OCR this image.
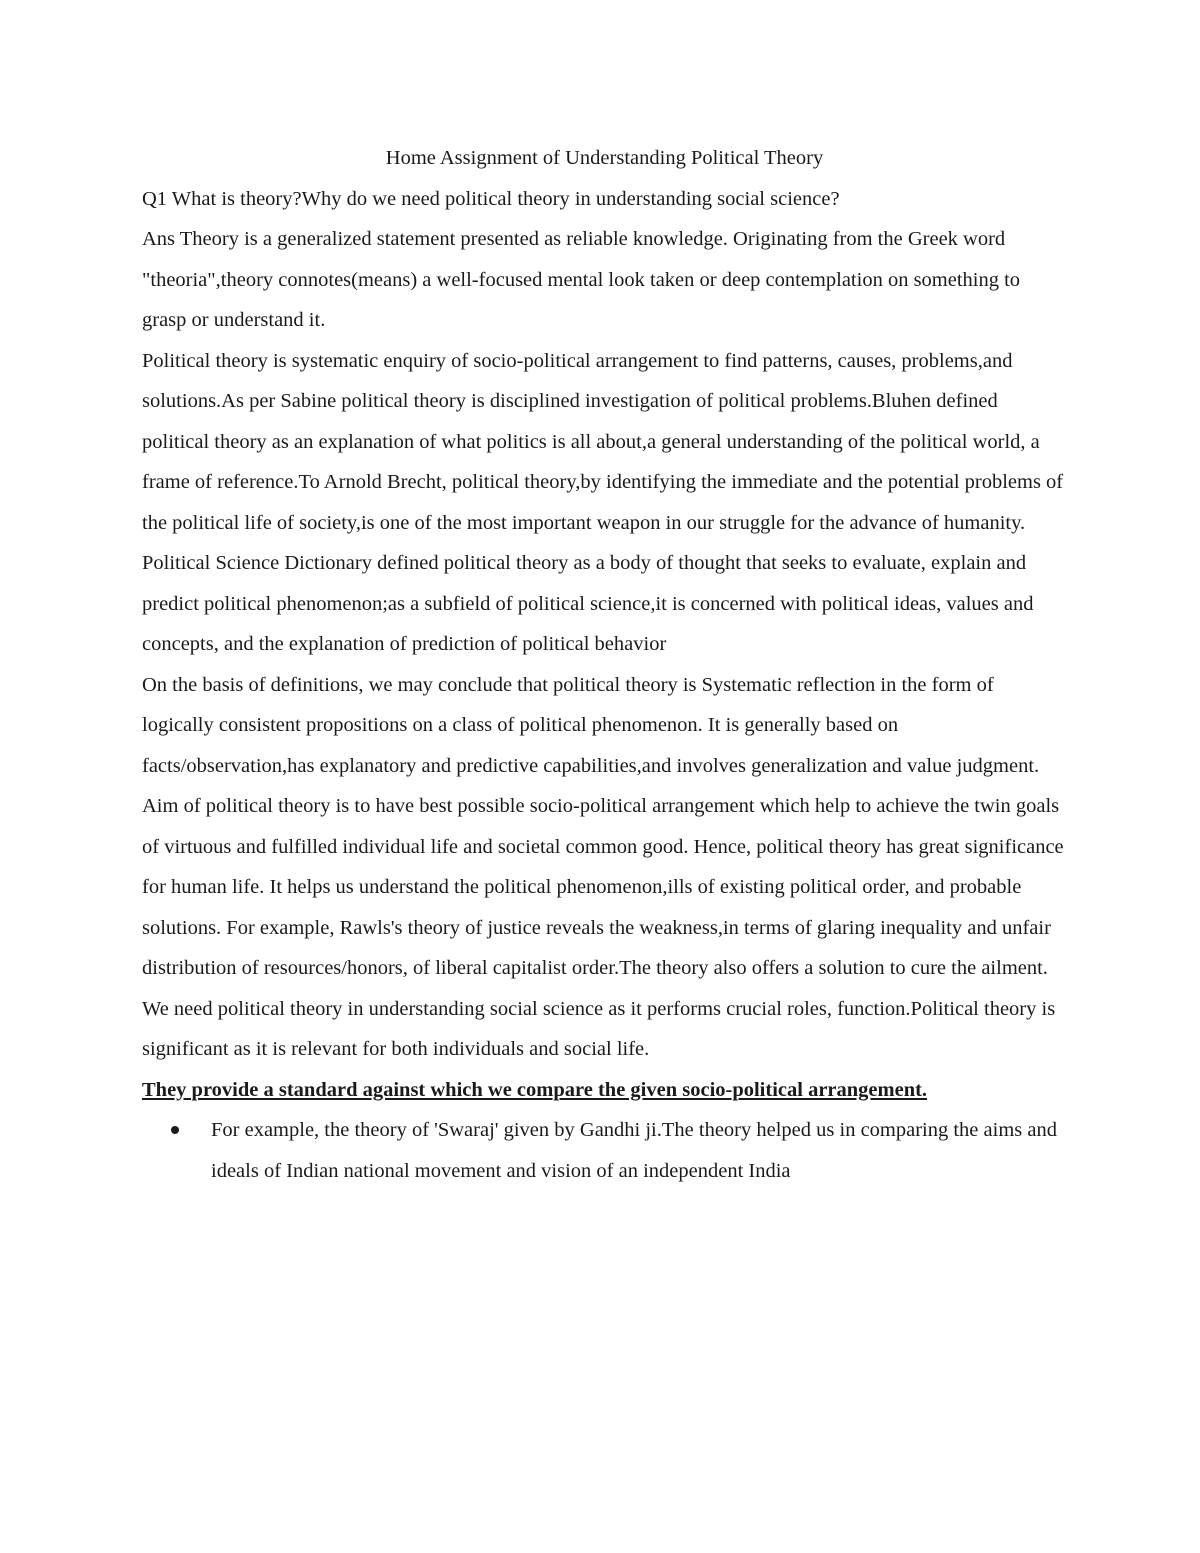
Home Assignment of Understanding Political Theory

Q1 What is theory?Why do we need political theory in understanding social science?

Ans Theory is a generalized statement presented as reliable knowledge. Originating from the Greek word "theoria",theory connotes(means) a well-focused mental look taken or deep contemplation on something to grasp or understand it.

Political theory is systematic enquiry of socio-political arrangement to find patterns, causes, problems,and solutions.As per Sabine political theory is disciplined investigation of political problems.Bluhen defined political theory as an explanation of what politics is all about,a general understanding of the political world, a frame of reference.To Arnold Brecht, political theory,by identifying the immediate and the potential problems of the political life of society,is one of the most important weapon in our struggle for the advance of humanity. Political Science Dictionary defined political theory as a body of thought that seeks to evaluate, explain and predict political phenomenon;as a subfield of political science,it is concerned with political ideas, values and concepts, and the explanation of prediction of political behavior

On the basis of definitions, we may conclude that political theory is Systematic reflection in the form of logically consistent propositions on a class of political phenomenon. It is generally based on facts/observation,has explanatory and predictive capabilities,and involves generalization and value judgment.

Aim of political theory is to have best possible socio-political arrangement which help to achieve the twin goals of virtuous and fulfilled individual life and societal common good. Hence, political theory has great significance for human life. It helps us understand the political phenomenon,ills of existing political order, and probable solutions. For example, Rawls's theory of justice reveals the weakness,in terms of glaring inequality and unfair distribution of resources/honors, of liberal capitalist order.The theory also offers a solution to cure the ailment.

We need political theory in understanding social science as it performs crucial roles, function.Political theory is significant as it is relevant for both individuals and social life.

They provide a standard against which we compare the given socio-political arrangement.

For example, the theory of 'Swaraj' given by Gandhi ji.The theory helped us in comparing the aims and ideals of Indian national movement and vision of an independent India
